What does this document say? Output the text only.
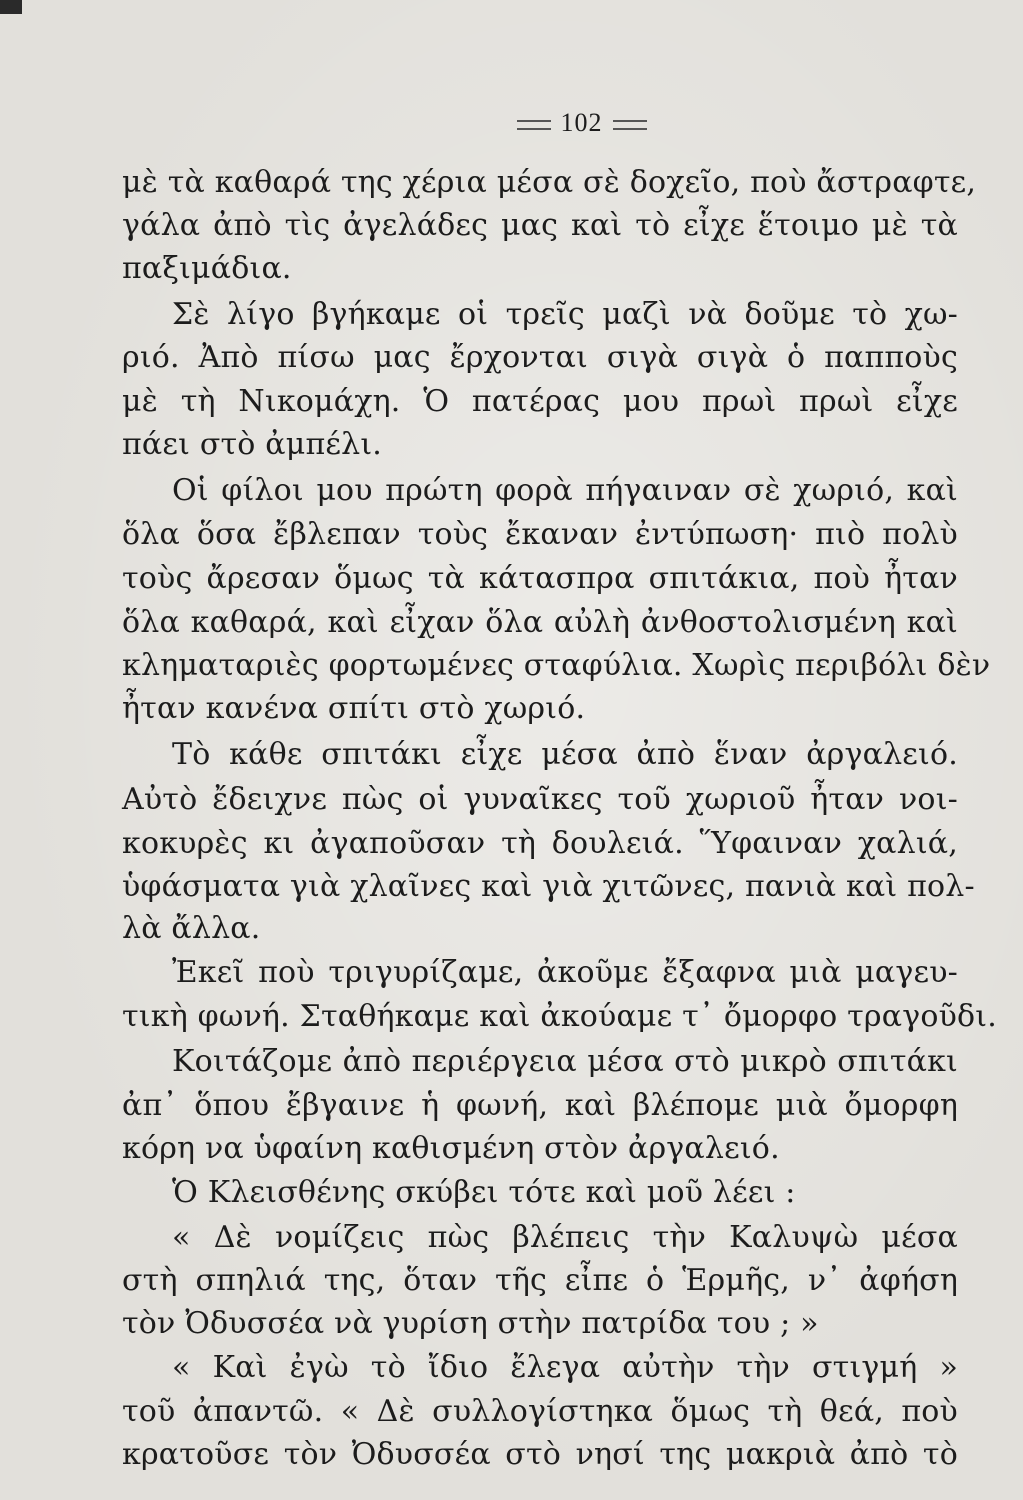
102
μὲ τὰ καθαρά της χέρια μέσα σὲ δοχεῖο, ποὺ ἄστραφτε,
γάλα ἀπὸ τὶς ἀγελάδες μας καὶ τὸ εἶχε ἕτοιμο μὲ τὰ
παξιμάδια.
Σὲ λίγο βγήκαμε οἱ τρεῖς μαζὶ νὰ δοῦμε τὸ χω-
ριό. Ἀπὸ πίσω μας ἔρχονται σιγὰ σιγὰ ὁ παπποὺς
μὲ τὴ Νικομάχη. Ὁ πατέρας μου πρωὶ πρωὶ εἶχε
πάει στὸ ἀμπέλι.
Οἱ φίλοι μου πρώτη φορὰ πήγαιναν σὲ χωριό, καὶ
ὅλα ὅσα ἔβλεπαν τοὺς ἔκαναν ἐντύπωση· πιὸ πολὺ
τοὺς ἄρεσαν ὅμως τὰ κάτασπρα σπιτάκια, ποὺ ἦταν
ὅλα καθαρά, καὶ εἶχαν ὅλα αὐλὴ ἀνθοστολισμένη καὶ
κληματαριὲς φορτωμένες σταφύλια. Χωρὶς περιβόλι δὲν
ἦταν κανένα σπίτι στὸ χωριό.
Τὸ κάθε σπιτάκι εἶχε μέσα ἀπὸ ἕναν ἀργαλειό.
Αὐτὸ ἔδειχνε πὼς οἱ γυναῖκες τοῦ χωριοῦ ἦταν νοι-
κοκυρὲς κι ἀγαποῦσαν τὴ δουλειά. Ὕφαιναν χαλιά,
ὑφάσματα γιὰ χλαῖνες καὶ γιὰ χιτῶνες, πανιὰ καὶ πολ-
λὰ ἄλλα.
Ἐκεῖ ποὺ τριγυρίζαμε, ἀκοῦμε ἔξαφνα μιὰ μαγευ-
τικὴ φωνή. Σταθήκαμε καὶ ἀκούαμε τ᾽ ὄμορφο τραγοῦδι.
Κοιτάζομε ἀπὸ περιέργεια μέσα στὸ μικρὸ σπιτάκι
ἀπ᾽ ὅπου ἔβγαινε ἡ φωνή, καὶ βλέπομε μιὰ ὄμορφη
κόρη να ὑφαίνη καθισμένη στὸν ἀργαλειό.
Ὁ Κλεισθένης σκύβει τότε καὶ μοῦ λέει :
« Δὲ νομίζεις πὼς βλέπεις τὴν Καλυψὼ μέσα
στὴ σπηλιά της, ὅταν τῆς εἶπε ὁ Ἑρμῆς, ν᾽ ἀφήση
τὸν Ὀδυσσέα νὰ γυρίση στὴν πατρίδα του ; »
« Καὶ ἐγὼ τὸ ἴδιο ἔλεγα αὐτὴν τὴν στιγμή »
τοῦ ἀπαντῶ. « Δὲ συλλογίστηκα ὅμως τὴ θεά, ποὺ
κρατοῦσε τὸν Ὀδυσσέα στὸ νησί της μακριὰ ἀπὸ τὸ
